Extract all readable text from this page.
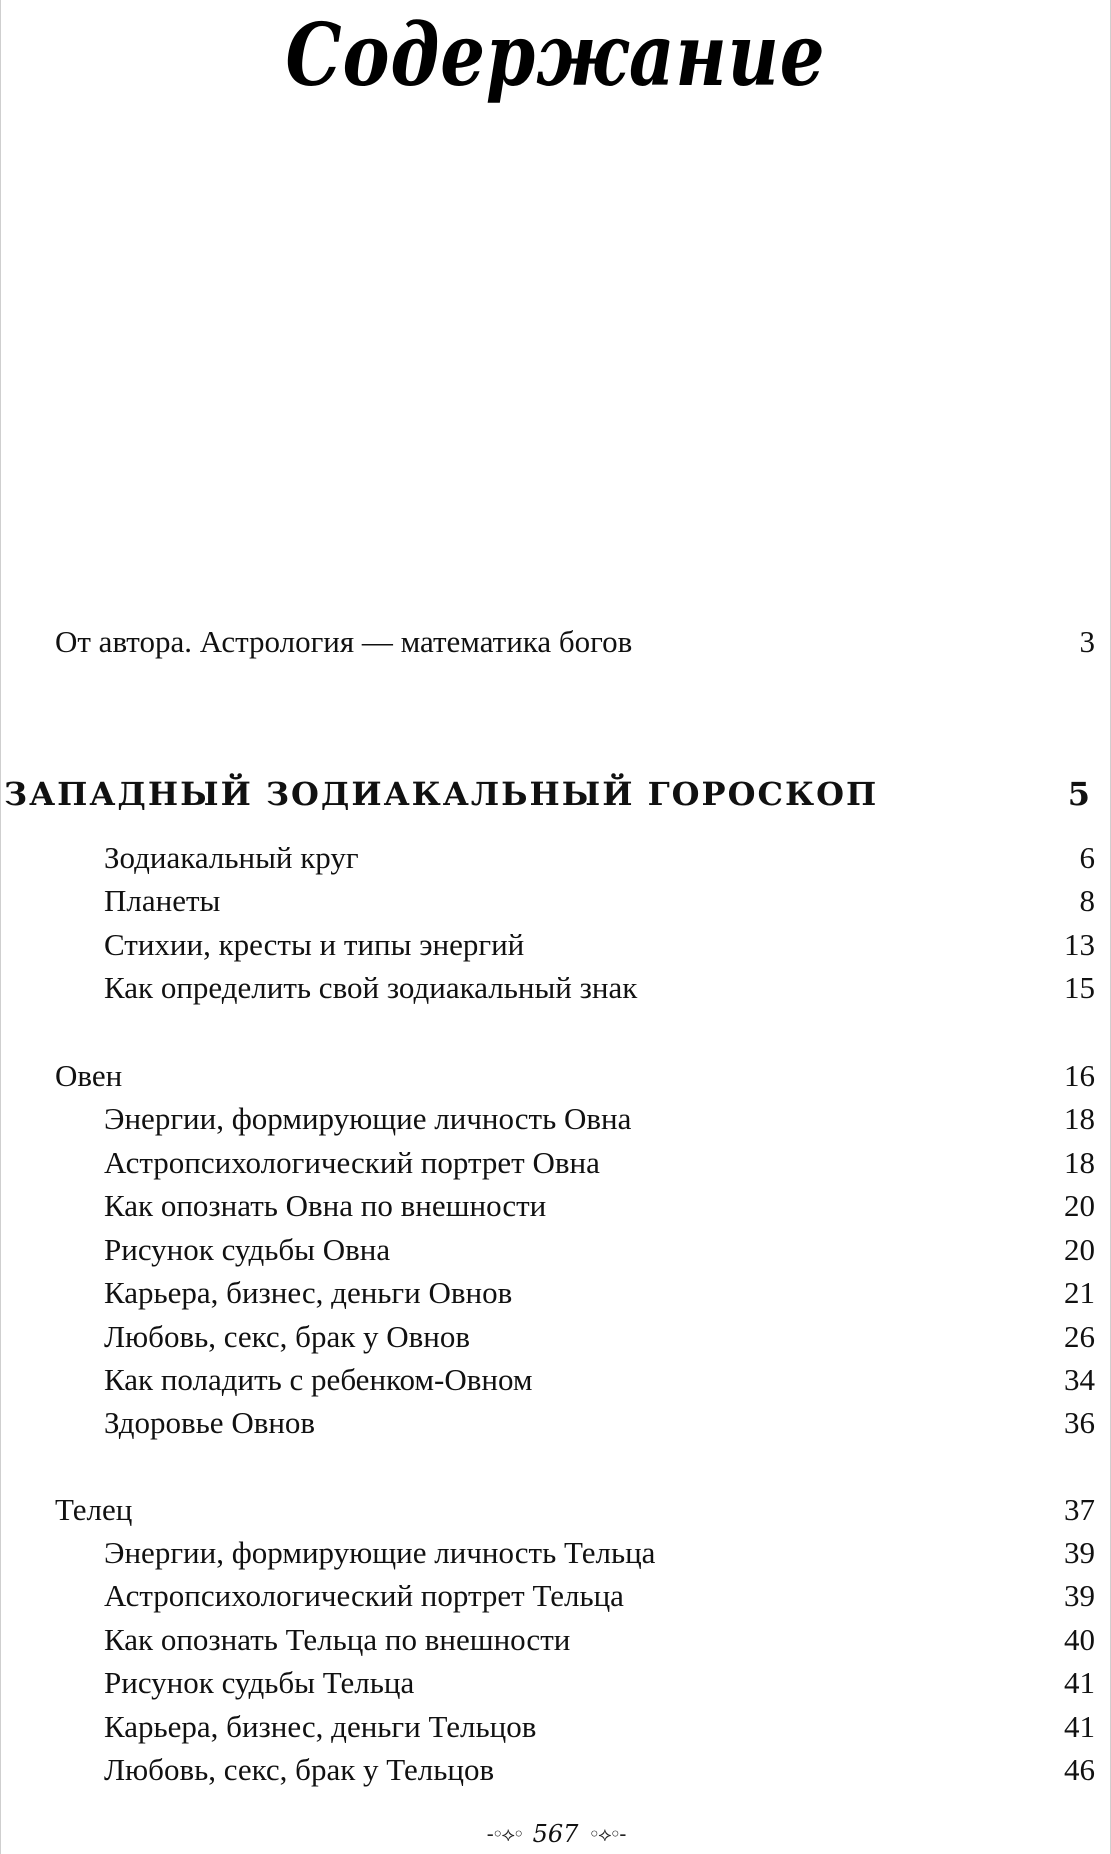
Содержание
От автора. Астрология — математика богов	3
ЗАПАДНЫЙ ЗОДИАКАЛЬНЫЙ ГОРОСКОП	5
Зодиакальный круг	6
Планеты	8
Стихии, кресты и типы энергий	13
Как определить свой зодиакальный знак	15
Овен	16
Энергии, формирующие личность Овна	18
Астропсихологический портрет Овна	18
Как опознать Овна по внешности	20
Рисунок судьбы Овна	20
Карьера, бизнес, деньги Овнов	21
Любовь, секс, брак у Овнов	26
Как поладить с ребенком-Овном	34
Здоровье Овнов	36
Телец	37
Энергии, формирующие личность Тельца	39
Астропсихологический портрет Тельца	39
Как опознать Тельца по внешности	40
Рисунок судьбы Тельца	41
Карьера, бизнес, деньги Тельцов	41
Любовь, секс, брак у Тельцов	46
-◦⟡◦ 567 ◦⟡◦-
